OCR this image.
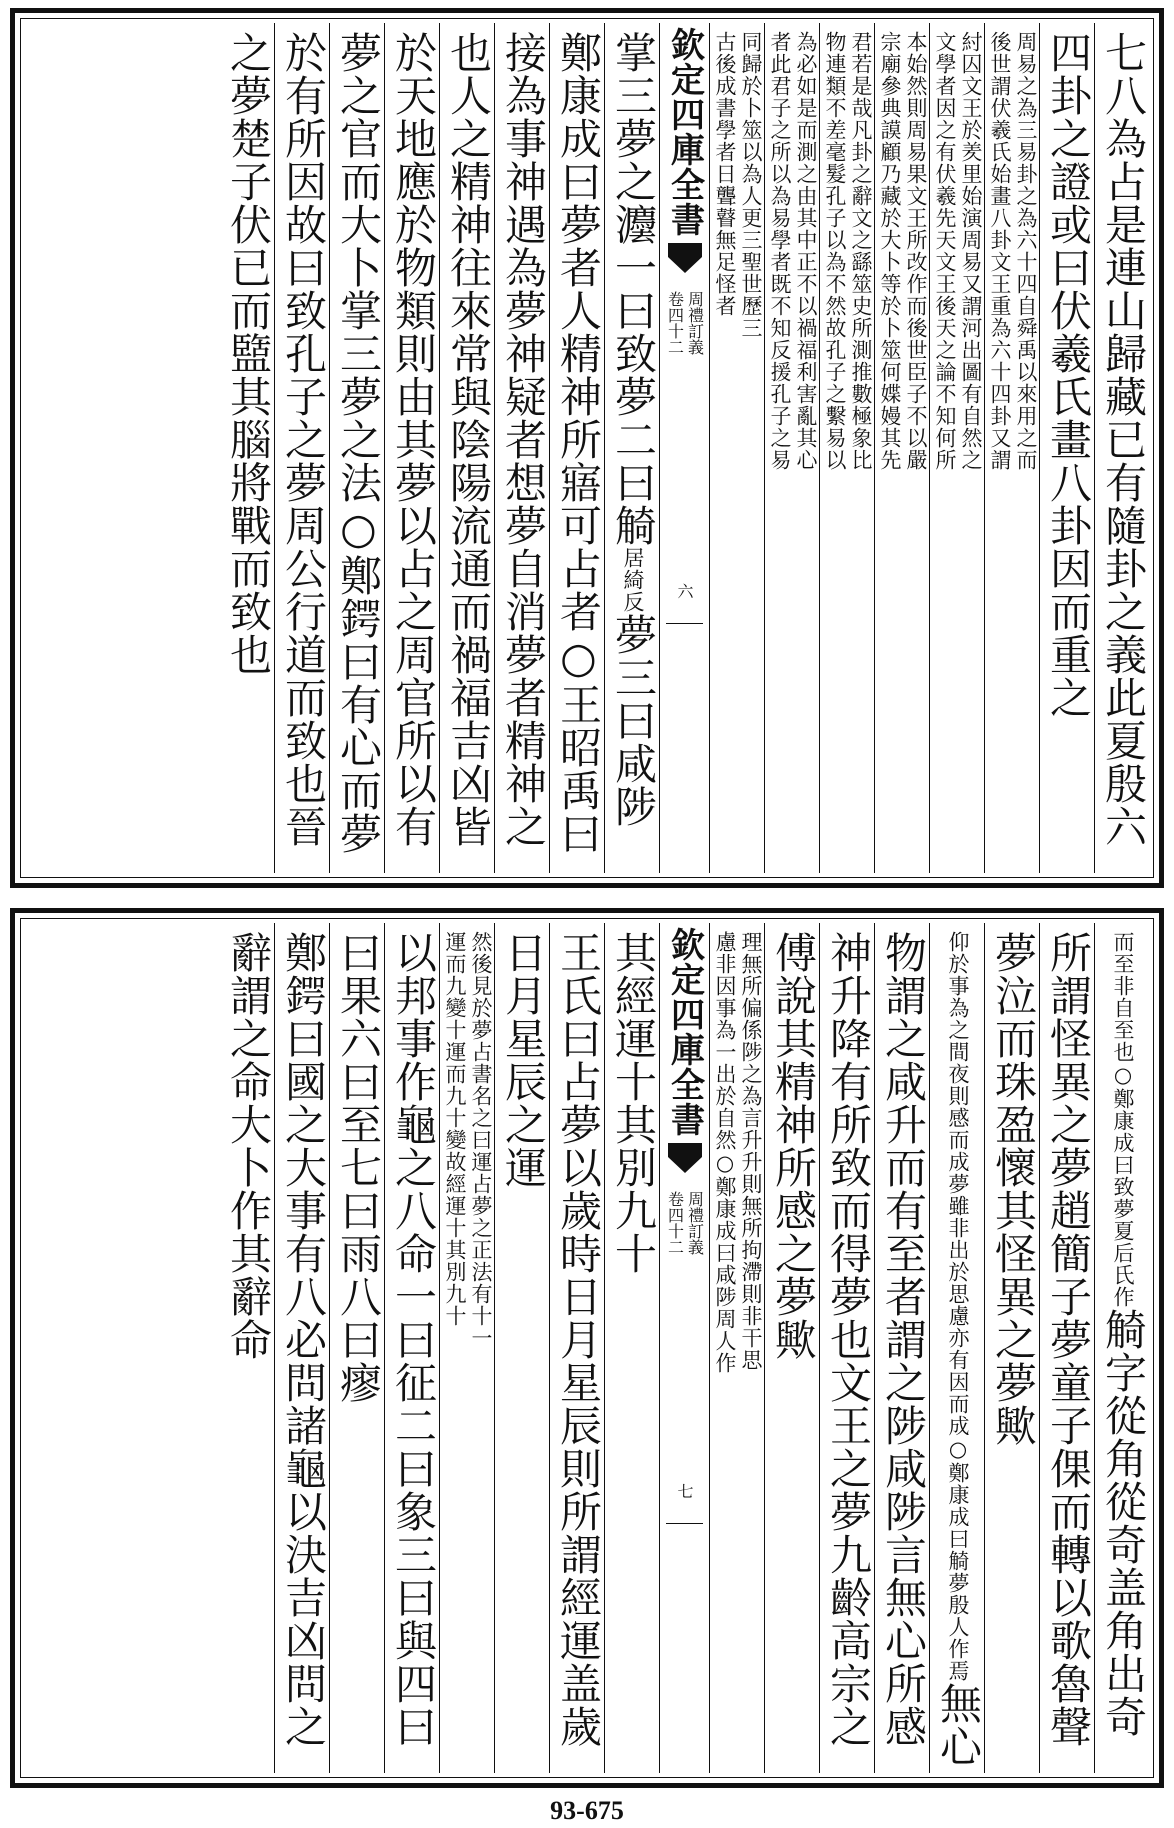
七八為占是連山歸藏已有隨卦之義此夏殷六
四卦之證或曰伏羲氏畫八卦因而重之
周易之為三易卦之為六十四自舜禹以來用之而
後世謂伏羲氏始畫八卦文王重為六十四卦又謂
紂囚文王於羑里始演周易又謂河出圖有自然之
文學者因之有伏羲先天文王後天之論不知何所
本始然則周易果文王所改作而後世臣子不以嚴
宗廟參典謨顧乃藏於大卜等於卜筮何媟嫚其先
君若是哉凡卦之辭文之繇筮史所測推數極象比
物連類不差毫髮孔子以為不然故孔子之繫易以
為必如是而測之由其中正不以禍福利害亂其心
者此君子之所以為易學者既不知反援孔子之易
同歸於卜筮以為人更三聖世歷三
古後成書學者日聾瞽無足怪者
欽定四庫全書
周禮訂義
卷四十二
六
掌三夢之灋一曰致夢二曰觭
居綺
反
夢三曰咸陟
鄭康成曰夢者人精神所寤可占者○王昭禹曰
接為事神遇為夢神疑者想夢自消夢者精神之
也人之精神往來常與陰陽流通而禍福吉凶皆
於天地應於物類則由其夢以占之周官所以有
夢之官而大卜掌三夢之法○鄭鍔曰有心而夢
於有所因故曰致孔子之夢周公行道而致也晉
之夢楚子伏已而盬其腦將戰而致也
而至非自至也○鄭康
成曰致夢夏后氏作
觭字從角從奇盖角出奇
所謂怪異之夢趙簡子夢童子倮而轉以歌魯聲
夢泣而珠盈懷其怪異之夢歟
仰於事為之間夜則感而成夢雖非出於思
慮亦有因而成○鄭康成曰觭夢殷人作焉
無心
物謂之咸升而有至者謂之陟咸陟言無心所感
神升降有所致而得夢也文王之夢九齡高宗之
傅說其精神所感之夢歟
理無所偏係陟之為言升升則無所拘滯則非干思
慮非因事為一出於自然○鄭康成曰咸陟周人作
欽定四庫全書
周禮訂義
卷四十二
七
其經運十其別九十
王氏曰占夢以歲時日月星辰則所謂經運盖歲
日月星辰之運
然後見於夢占書名之曰運占夢之正法有十一
運而九變十運而九十變故經運十其別九十
以邦事作龜之八命一曰征二曰象三曰與四曰
曰果六曰至七曰雨八曰瘳
鄭鍔曰國之大事有八必問諸龜以決吉凶問之
辭謂之命大卜作其辭命
93-675
